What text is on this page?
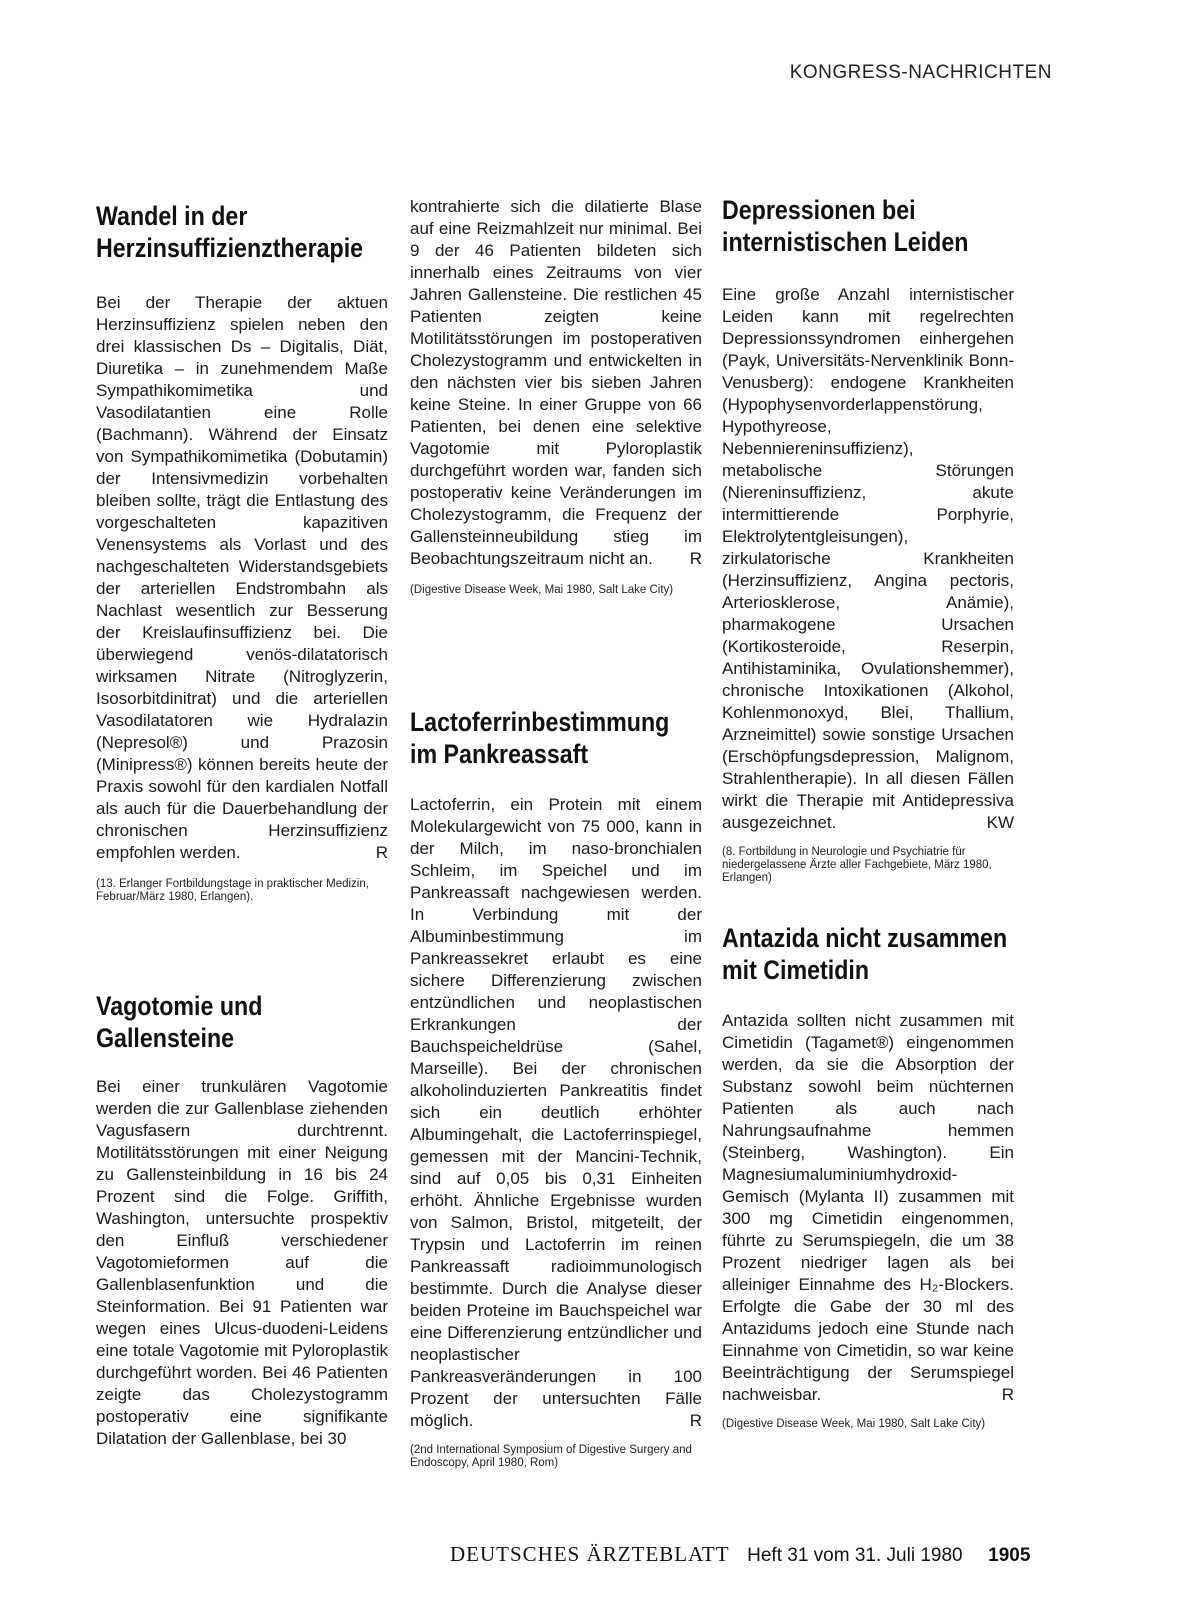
KONGRESS-NACHRICHTEN
Wandel in der Herzinsuffizienztherapie

Bei der Therapie der aktuen Herzinsuffizienz spielen neben den drei klassischen Ds – Digitalis, Diät, Diuretika – in zunehmendem Maße Sympathikomimetika und Vasodilatantien eine Rolle (Bachmann). Während der Einsatz von Sympathikomimetika (Dobutamin) der Intensivmedizin vorbehalten bleiben sollte, trägt die Entlastung des vorgeschalteten kapazitiven Venensystems als Vorlast und des nachgeschalteten Widerstandsgebiets der arteriellen Endstrombahn als Nachlast wesentlich zur Besserung der Kreislaufinsuffizienz bei. Die überwiegend venös-dilatatorisch wirksamen Nitrate (Nitroglyzerin, Isosorbitdinitrat) und die arteriellen Vasodilatatoren wie Hydralazin (Nepresol®) und Prazosin (Minipress®) können bereits heute der Praxis sowohl für den kardialen Notfall als auch für die Dauerbehandlung der chronischen Herzinsuffizienz empfohlen werden.	R

(13. Erlanger Fortbildungstage in praktischer Medizin, Februar/März 1980, Erlangen).

Vagotomie und Gallensteine

Bei einer trunkulären Vagotomie werden die zur Gallenblase ziehenden Vagusfasern durchtrennt. Motilitätsstörungen mit einer Neigung zu Gallensteinbildung in 16 bis 24 Prozent sind die Folge. Griffith, Washington, untersuchte prospektiv den Einfluß verschiedener Vagotomieformen auf die Gallenblasenfunktion und die Steinformation. Bei 91 Patienten war wegen eines Ulcus-duodeni-Leidens eine totale Vagotomie mit Pyloroplastik durchgeführt worden. Bei 46 Patienten zeigte das Cholezystogramm postoperativ eine signifikante Dilatation der Gallenblase, bei 30

kontrahierte sich die dilatierte Blase auf eine Reizmahlzeit nur minimal. Bei 9 der 46 Patienten bildeten sich innerhalb eines Zeitraums von vier Jahren Gallensteine. Die restlichen 45 Patienten zeigten keine Motilitätsstörungen im postoperativen Cholezystogramm und entwickelten in den nächsten vier bis sieben Jahren keine Steine. In einer Gruppe von 66 Patienten, bei denen eine selektive Vagotomie mit Pyloroplastik durchgeführt worden war, fanden sich postoperativ keine Veränderungen im Cholezystogramm, die Frequenz der Gallensteinneubildung stieg im Beobachtungszeitraum nicht an. R

(Digestive Disease Week, Mai 1980, Salt Lake City)

Lactoferrinbestimmung im Pankreassaft

Lactoferrin, ein Protein mit einem Molekulargewicht von 75 000, kann in der Milch, im naso-bronchialen Schleim, im Speichel und im Pankreassaft nachgewiesen werden. In Verbindung mit der Albuminbestimmung im Pankreassekret erlaubt es eine sichere Differenzierung zwischen entzündlichen und neoplastischen Erkrankungen der Bauchspeicheldrüse (Sahel, Marseille). Bei der chronischen alkoholinduzierten Pankreatitis findet sich ein deutlich erhöhter Albumingehalt, die Lactoferrinspiegel, gemessen mit der Mancini-Technik, sind auf 0,05 bis 0,31 Einheiten erhöht. Ähnliche Ergebnisse wurden von Salmon, Bristol, mitgeteilt, der Trypsin und Lactoferrin im reinen Pankreassaft radioimmunologisch bestimmte. Durch die Analyse dieser beiden Proteine im Bauchspeichel war eine Differenzierung entzündlicher und neoplastischer Pankreasveränderungen in 100 Prozent der untersuchten Fälle möglich.	R

(2nd International Symposium of Digestive Surgery and Endoscopy, April 1980, Rom)

Depressionen bei internistischen Leiden

Eine große Anzahl internistischer Leiden kann mit regelrechten Depressionssyndromen einhergehen (Payk, Universitäts-Nervenklinik Bonn-Venusberg): endogene Krankheiten (Hypophysenvorderlappenstörung, Hypothyreose, Nebenniereninsuffizienz), metabolische Störungen (Niereninsuffizienz, akute intermittierende Porphyrie, Elektrolytentgleisungen), zirkulatorische Krankheiten (Herzinsuffizienz, Angina pectoris, Arteriosklerose, Anämie), pharmakogene Ursachen (Kortikosteroide, Reserpin, Antihistaminika, Ovulationshemmer), chronische Intoxikationen (Alkohol, Kohlenmonoxyd, Blei, Thallium, Arzneimittel) sowie sonstige Ursachen (Erschöpfungsdepression, Malignom, Strahlentherapie). In all diesen Fällen wirkt die Therapie mit Antidepressiva ausgezeichnet.	KW

(8. Fortbildung in Neurologie und Psychiatrie für niedergelassene Ärzte aller Fachgebiete, März 1980, Erlangen)

Antazida nicht zusammen mit Cimetidin

Antazida sollten nicht zusammen mit Cimetidin (Tagamet®) eingenommen werden, da sie die Absorption der Substanz sowohl beim nüchternen Patienten als auch nach Nahrungsaufnahme hemmen (Steinberg, Washington). Ein Magnesiumaluminiumhydroxid-Gemisch (Mylanta II) zusammen mit 300 mg Cimetidin eingenommen, führte zu Serumspiegeln, die um 38 Prozent niedriger lagen als bei alleiniger Einnahme des H₂-Blockers. Erfolgte die Gabe der 30 ml des Antazidums jedoch eine Stunde nach Einnahme von Cimetidin, so war keine Beeinträchtigung der Serumspiegel nachweisbar.	R

(Digestive Disease Week, Mai 1980, Salt Lake City)

DEUTSCHES ÄRZTEBLATT Heft 31 vom 31. Juli 1980 1905
